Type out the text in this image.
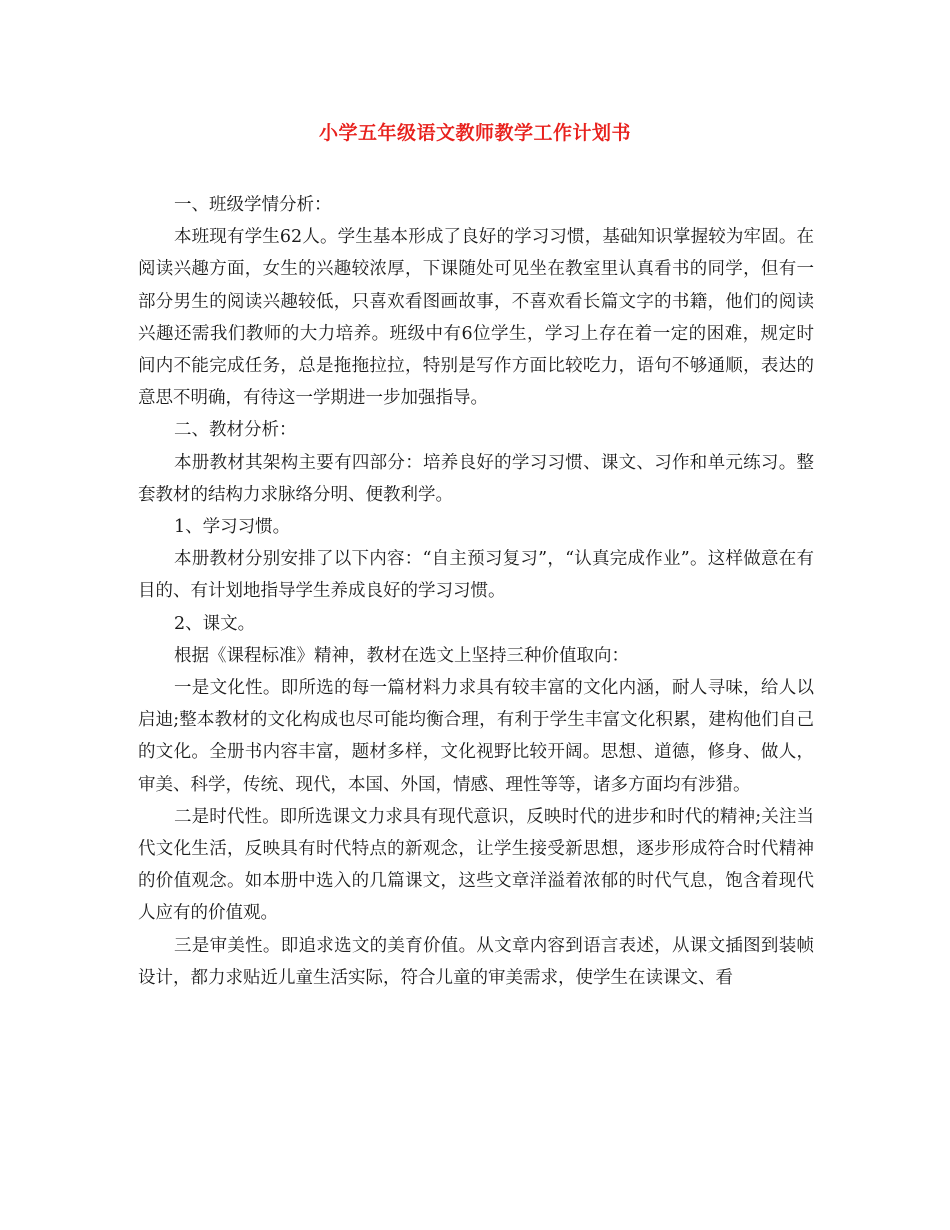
小学五年级语文教师教学工作计划书

一、班级学情分析：

本班现有学生62人。学生基本形成了良好的学习习惯，基础知识掌握较为牢固。在阅读兴趣方面，女生的兴趣较浓厚，下课随处可见坐在教室里认真看书的同学，但有一部分男生的阅读兴趣较低，只喜欢看图画故事，不喜欢看长篇文字的书籍，他们的阅读兴趣还需我们教师的大力培养。班级中有6位学生，学习上存在着一定的困难，规定时间内不能完成任务，总是拖拖拉拉，特别是写作方面比较吃力，语句不够通顺，表达的意思不明确，有待这一学期进一步加强指导。

二、教材分析：

本册教材其架构主要有四部分：培养良好的学习习惯、课文、习作和单元练习。整套教材的结构力求脉络分明、便教利学。

1、学习习惯。

本册教材分别安排了以下内容：“自主预习复习”，“认真完成作业”。这样做意在有目的、有计划地指导学生养成良好的学习习惯。

2、课文。

根据《课程标准》精神，教材在选文上坚持三种价值取向：

一是文化性。即所选的每一篇材料力求具有较丰富的文化内涵，耐人寻味，给人以启迪;整本教材的文化构成也尽可能均衡合理，有利于学生丰富文化积累，建构他们自己的文化。全册书内容丰富，题材多样，文化视野比较开阔。思想、道德，修身、做人，审美、科学，传统、现代，本国、外国，情感、理性等等，诸多方面均有涉猎。

二是时代性。即所选课文力求具有现代意识，反映时代的进步和时代的精神;关注当代文化生活，反映具有时代特点的新观念，让学生接受新思想，逐步形成符合时代精神的价值观念。如本册中选入的几篇课文，这些文章洋溢着浓郁的时代气息，饱含着现代人应有的价值观。

三是审美性。即追求选文的美育价值。从文章内容到语言表述，从课文插图到装帧设计，都力求贴近儿童生活实际，符合儿童的审美需求，使学生在读课文、看
